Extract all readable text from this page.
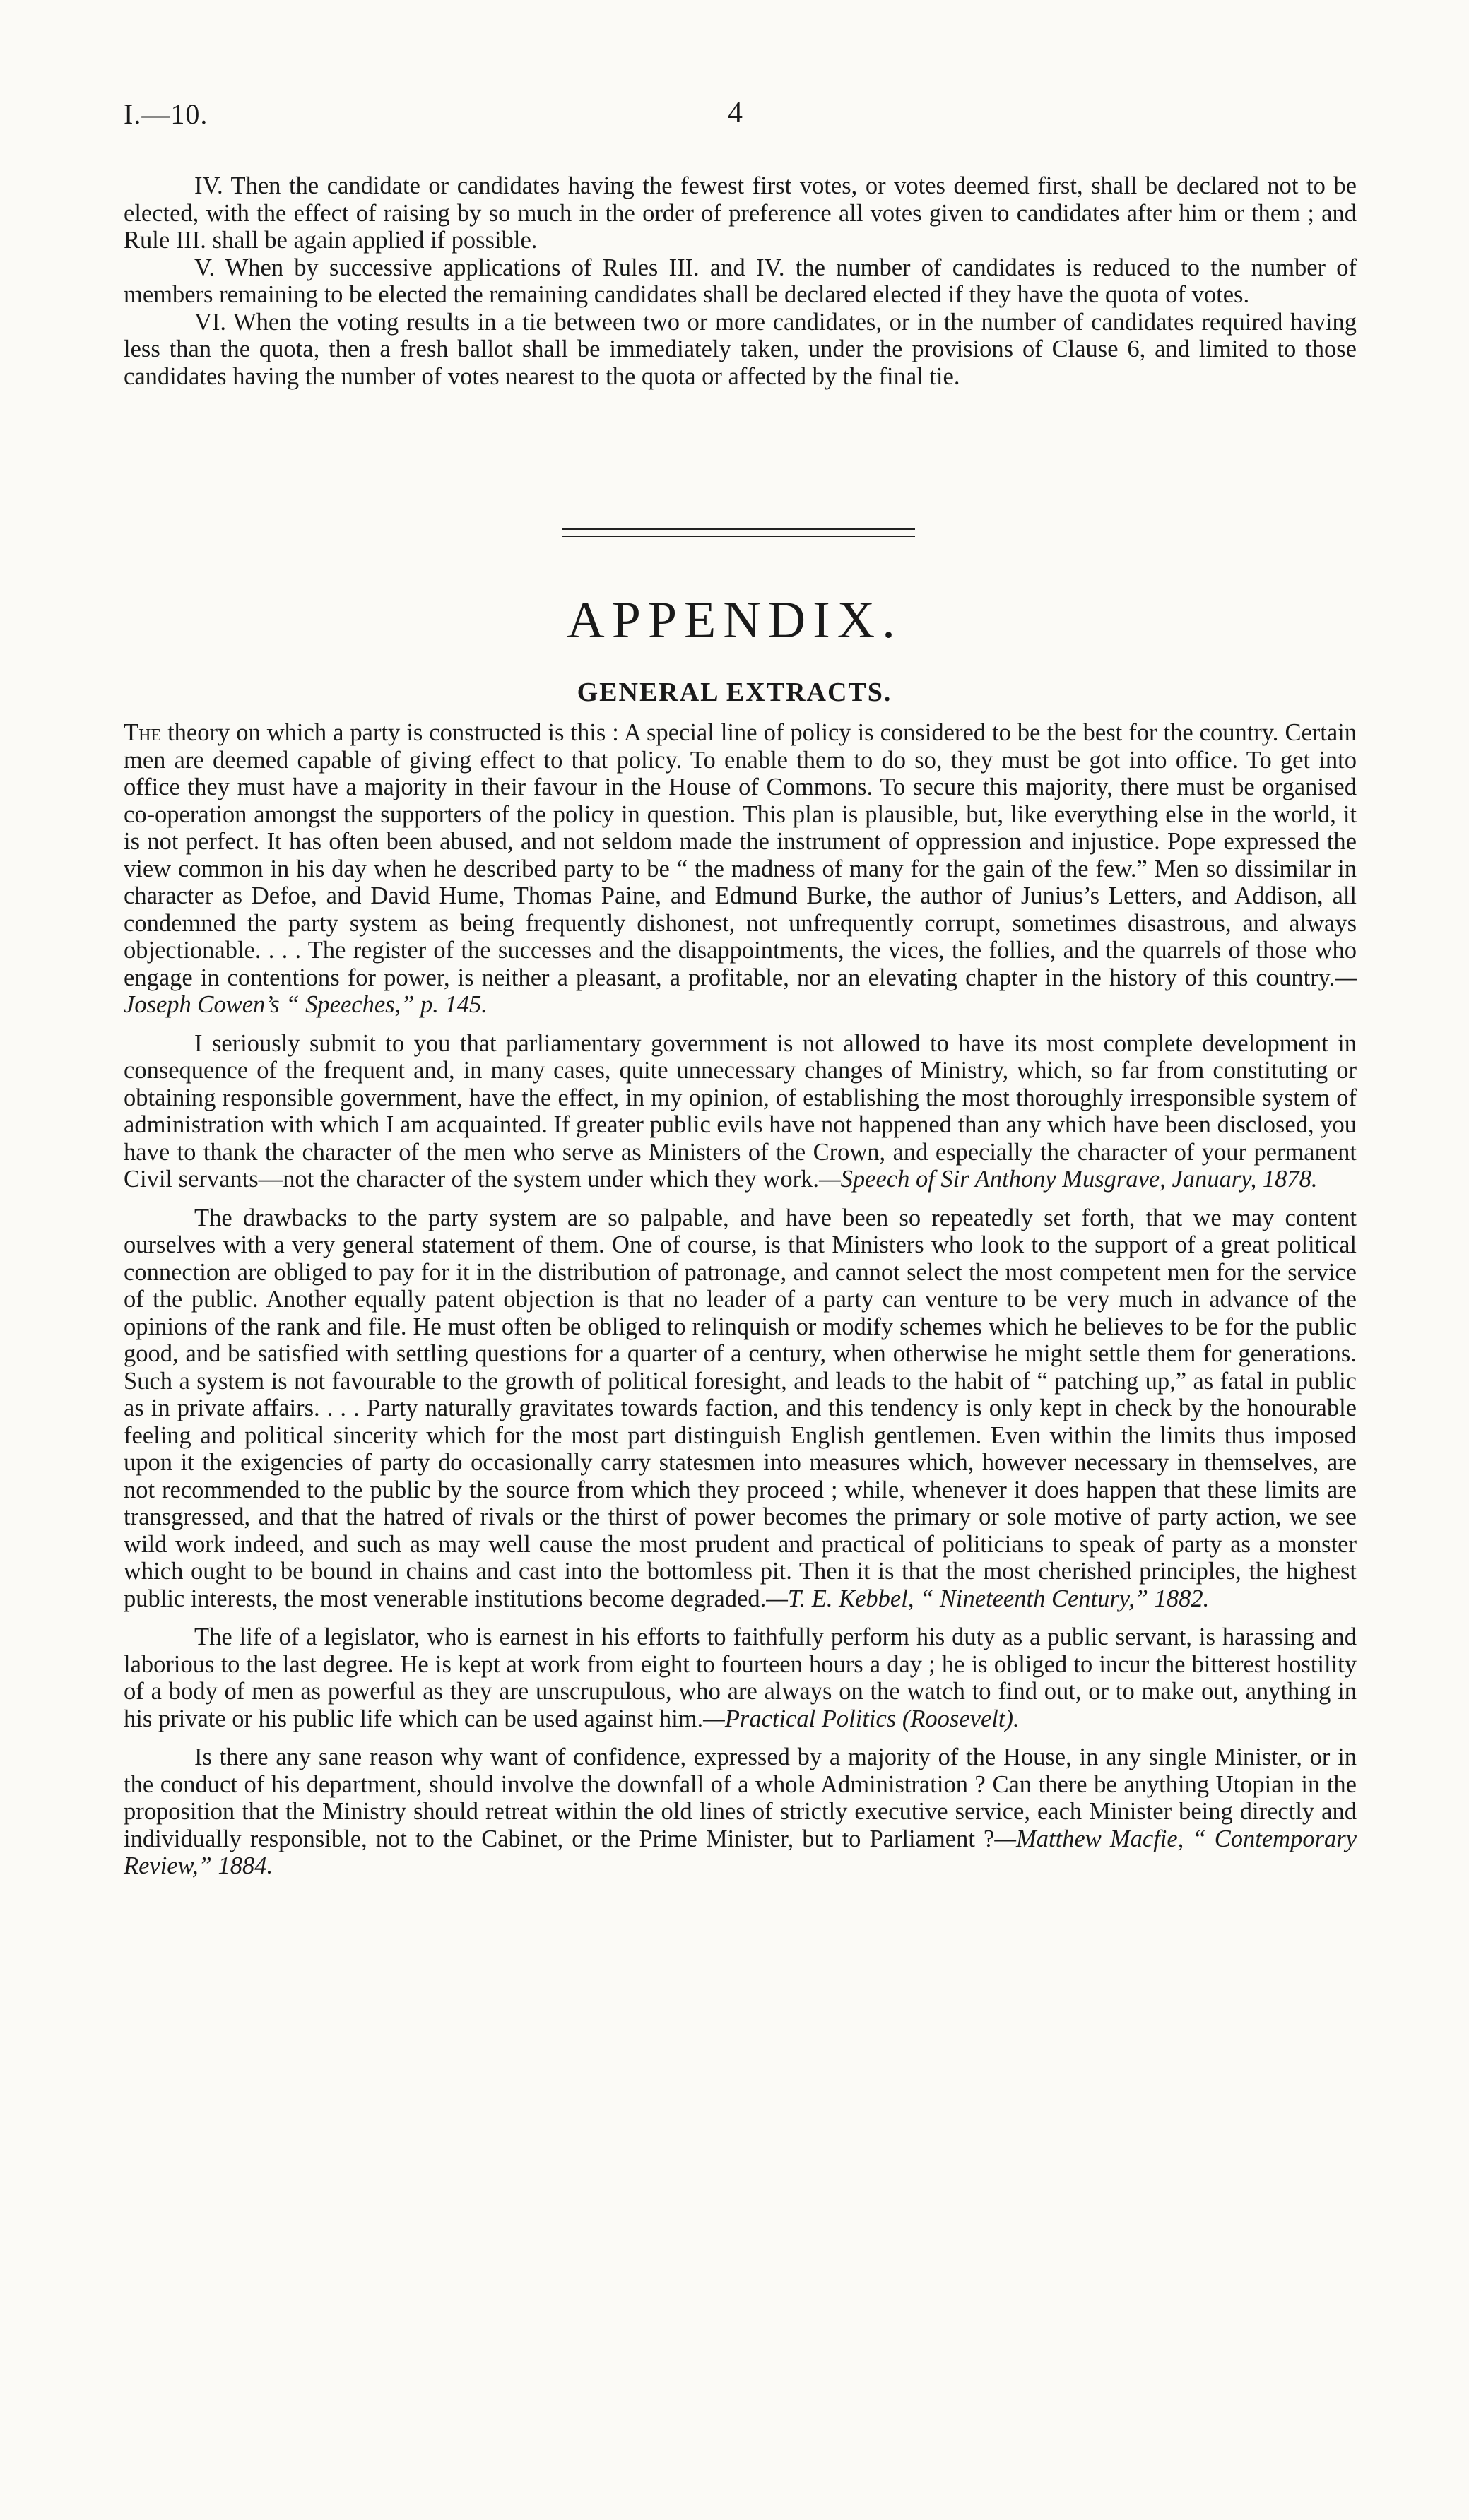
I.—10.	4

IV. Then the candidate or candidates having the fewest first votes, or votes deemed first, shall be declared not to be elected, with the effect of raising by so much in the order of preference all votes given to candidates after him or them ; and Rule III. shall be again applied if possible.

V. When by successive applications of Rules III. and IV. the number of candidates is reduced to the number of members remaining to be elected the remaining candidates shall be declared elected if they have the quota of votes.

VI. When the voting results in a tie between two or more candidates, or in the number of candidates required having less than the quota, then a fresh ballot shall be immediately taken, under the provisions of Clause 6, and limited to those candidates having the number of votes nearest to the quota or affected by the final tie.

APPENDIX.
GENERAL EXTRACTS.

The theory on which a party is constructed is this : A special line of policy is considered to be the best for the country. Certain men are deemed capable of giving effect to that policy. To enable them to do so, they must be got into office. To get into office they must have a majority in their favour in the House of Commons. To secure this majority, there must be organised co-operation amongst the supporters of the policy in question. This plan is plausible, but, like everything else in the world, it is not perfect. It has often been abused, and not seldom made the instrument of oppression and injustice. Pope expressed the view common in his day when he described party to be “ the madness of many for the gain of the few.” Men so dissimilar in character as Defoe, and David Hume, Thomas Paine, and Edmund Burke, the author of Junius’s Letters, and Addison, all condemned the party system as being frequently dishonest, not unfrequently corrupt, sometimes disastrous, and always objectionable. . . . The register of the successes and the disappointments, the vices, the follies, and the quarrels of those who engage in contentions for power, is neither a pleasant, a profitable, nor an elevating chapter in the history of this country.—Joseph Cowen’s “ Speeches,” p. 145.

I seriously submit to you that parliamentary government is not allowed to have its most complete development in consequence of the frequent and, in many cases, quite unnecessary changes of Ministry, which, so far from constituting or obtaining responsible government, have the effect, in my opinion, of establishing the most thoroughly irresponsible system of administration with which I am acquainted. If greater public evils have not happened than any which have been disclosed, you have to thank the character of the men who serve as Ministers of the Crown, and especially the character of your permanent Civil servants—not the character of the system under which they work.—Speech of Sir Anthony Musgrave, January, 1878.

The drawbacks to the party system are so palpable, and have been so repeatedly set forth, that we may content ourselves with a very general statement of them. One of course, is that Ministers who look to the support of a great political connection are obliged to pay for it in the distribution of patronage, and cannot select the most competent men for the service of the public. Another equally patent objection is that no leader of a party can venture to be very much in advance of the opinions of the rank and file. He must often be obliged to relinquish or modify schemes which he believes to be for the public good, and be satisfied with settling questions for a quarter of a century, when otherwise he might settle them for generations. Such a system is not favourable to the growth of political foresight, and leads to the habit of “ patching up,” as fatal in public as in private affairs. . . . Party naturally gravitates towards faction, and this tendency is only kept in check by the honourable feeling and political sincerity which for the most part distinguish English gentlemen. Even within the limits thus imposed upon it the exigencies of party do occasionally carry statesmen into measures which, however necessary in themselves, are not recommended to the public by the source from which they proceed ; while, whenever it does happen that these limits are transgressed, and that the hatred of rivals or the thirst of power becomes the primary or sole motive of party action, we see wild work indeed, and such as may well cause the most prudent and practical of politicians to speak of party as a monster which ought to be bound in chains and cast into the bottomless pit. Then it is that the most cherished principles, the highest public interests, the most venerable institutions become degraded.—T. E. Kebbel, “ Nineteenth Century,” 1882.

The life of a legislator, who is earnest in his efforts to faithfully perform his duty as a public servant, is harassing and laborious to the last degree. He is kept at work from eight to fourteen hours a day ; he is obliged to incur the bitterest hostility of a body of men as powerful as they are unscrupulous, who are always on the watch to find out, or to make out, anything in his private or his public life which can be used against him.—Practical Politics (Roosevelt).

Is there any sane reason why want of confidence, expressed by a majority of the House, in any single Minister, or in the conduct of his department, should involve the downfall of a whole Administration ? Can there be anything Utopian in the proposition that the Ministry should retreat within the old lines of strictly executive service, each Minister being directly and individually responsible, not to the Cabinet, or the Prime Minister, but to Parliament ?—Matthew Macfie, “ Contemporary Review,” 1884.
